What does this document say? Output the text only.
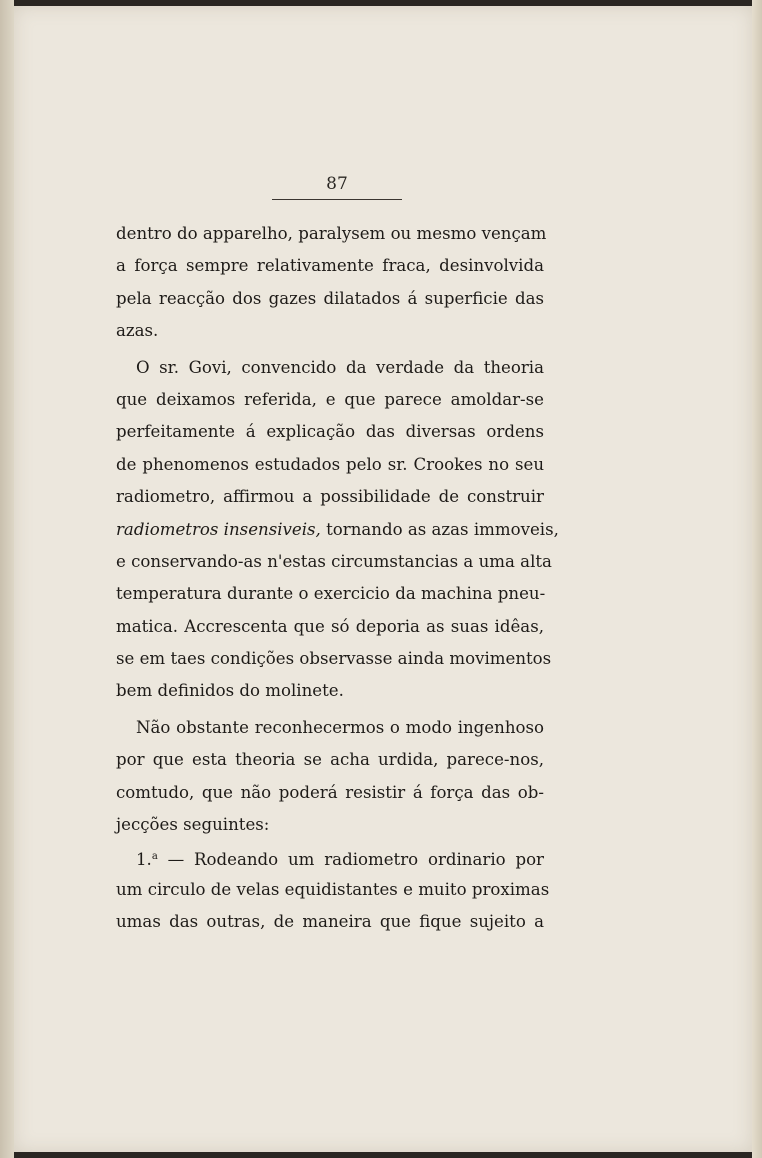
87
dentro do apparelho, paralysem ou mesmo vençam
a força sempre relativamente fraca, desinvolvida
pela reacção dos gazes dilatados á superficie das
azas.
O sr. Govi, convencido da verdade da theoria
que deixamos referida, e que parece amoldar-se
perfeitamente á explicação das diversas ordens
de phenomenos estudados pelo sr. Crookes no seu
radiometro, affirmou a possibilidade de construir
radiometros insensiveis, tornando as azas immoveis,
e conservando-as n'estas circumstancias a uma alta
temperatura durante o exercicio da machina pneu-
matica. Accrescenta que só deporia as suas idêas,
se em taes condições observasse ainda movimentos
bem definidos do molinete.
Não obstante reconhecermos o modo ingenhoso
por que esta theoria se acha urdida, parece-nos,
comtudo, que não poderá resistir á força das ob-
jecções seguintes:
1.$^a$ — Rodeando um radiometro ordinario por
um circulo de velas equidistantes e muito proximas
umas das outras, de maneira que fique sujeito a
